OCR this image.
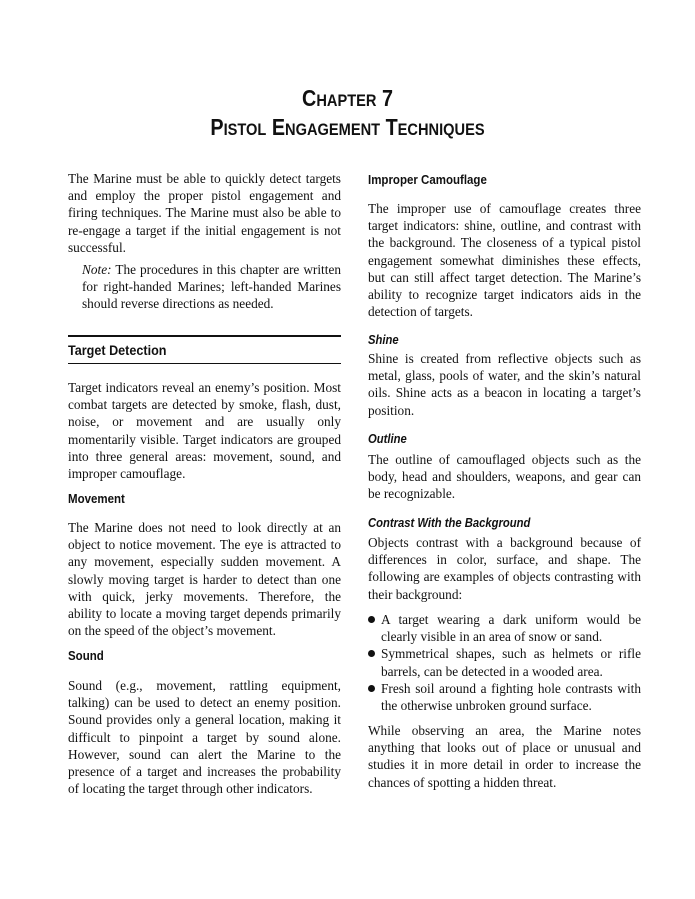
CHAPTER 7
PISTOL ENGAGEMENT TECHNIQUES

The Marine must be able to quickly detect targets and employ the proper pistol engagement and firing techniques. The Marine must also be able to re-engage a target if the initial engagement is not successful.

Note: The procedures in this chapter are written for right-handed Marines; left-handed Marines should reverse directions as needed.

Target Detection

Target indicators reveal an enemy’s position. Most combat targets are detected by smoke, flash, dust, noise, or movement and are usually only momentarily visible. Target indicators are grouped into three general areas: movement, sound, and improper camouflage.

Movement

The Marine does not need to look directly at an object to notice movement. The eye is attracted to any movement, especially sudden movement. A slowly moving target is harder to detect than one with quick, jerky movements. Therefore, the ability to locate a moving target depends primarily on the speed of the object’s movement.

Sound

Sound (e.g., movement, rattling equipment, talking) can be used to detect an enemy position. Sound provides only a general location, making it difficult to pinpoint a target by sound alone. However, sound can alert the Marine to the presence of a target and increases the probability of locating the target through other indicators.

Improper Camouflage

The improper use of camouflage creates three target indicators: shine, outline, and contrast with the background. The closeness of a typical pistol engagement somewhat diminishes these effects, but can still affect target detection. The Marine’s ability to recognize target indicators aids in the detection of targets.

Shine

Shine is created from reflective objects such as metal, glass, pools of water, and the skin’s natural oils. Shine acts as a beacon in locating a target’s position.

Outline

The outline of camouflaged objects such as the body, head and shoulders, weapons, and gear can be recognizable.

Contrast With the Background

Objects contrast with a background because of differences in color, surface, and shape. The following are examples of objects contrasting with their background:

A target wearing a dark uniform would be clearly visible in an area of snow or sand.
Symmetrical shapes, such as helmets or rifle barrels, can be detected in a wooded area.
Fresh soil around a fighting hole contrasts with the otherwise unbroken ground surface.

While observing an area, the Marine notes anything that looks out of place or unusual and studies it in more detail in order to increase the chances of spotting a hidden threat.
